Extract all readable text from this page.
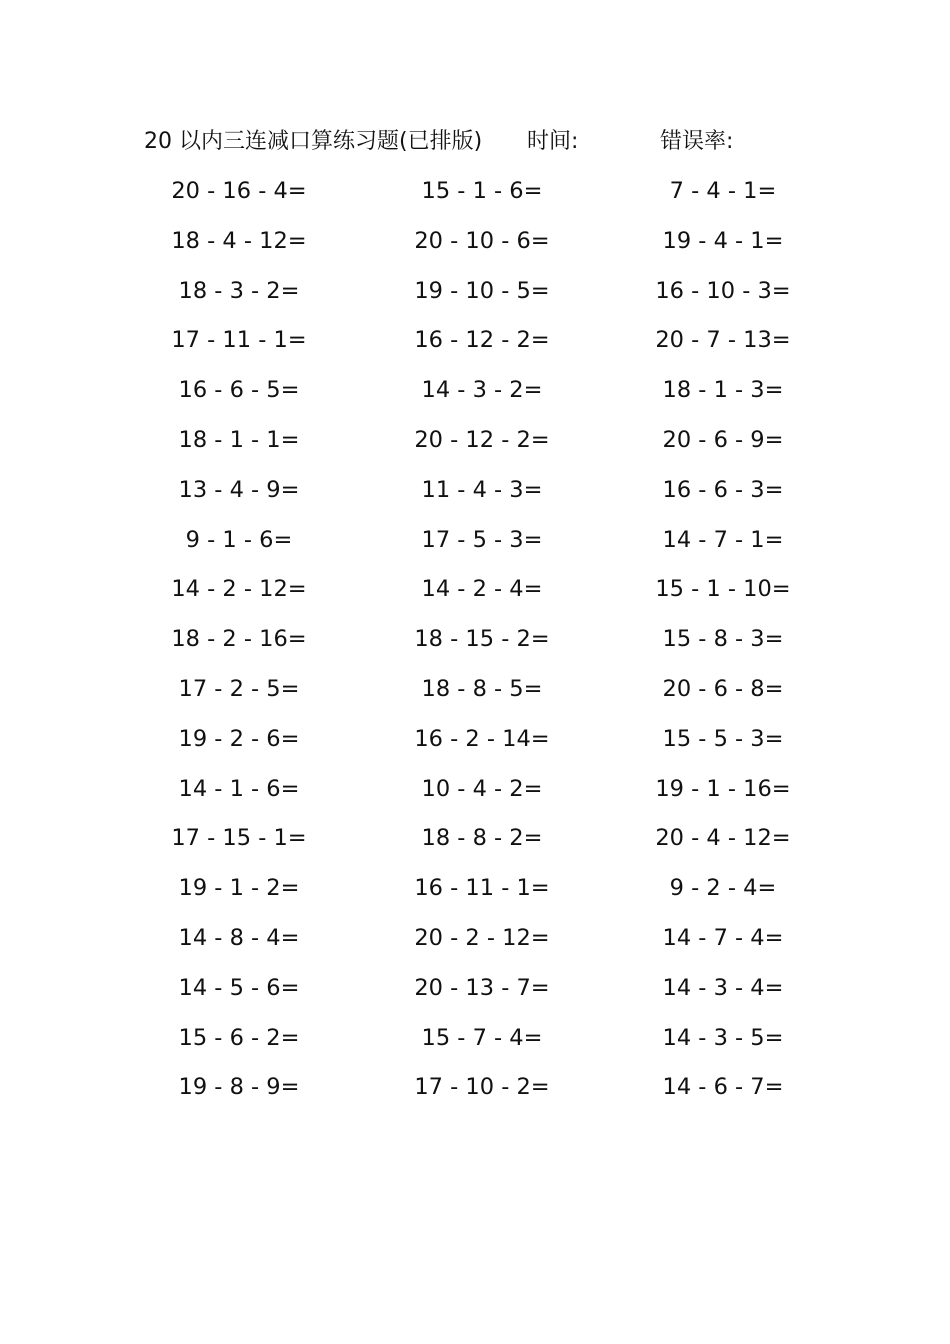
20 以内三连减口算练习题(已排版) 时间:	错误率:
20 - 16 - 4=	15 - 1 - 6=	7 - 4 - 1=
18 - 4 - 12=	20 - 10 - 6=	19 - 4 - 1=
18 - 3 - 2=	19 - 10 - 5=	16 - 10 - 3=
17 - 11 - 1=	16 - 12 - 2=	20 - 7 - 13=
16 - 6 - 5=	14 - 3 - 2=	18 - 1 - 3=
18 - 1 - 1=	20 - 12 - 2=	20 - 6 - 9=
13 - 4 - 9=	11 - 4 - 3=	16 - 6 - 3=
9 - 1 - 6=	17 - 5 - 3=	14 - 7 - 1=
14 - 2 - 12=	14 - 2 - 4=	15 - 1 - 10=
18 - 2 - 16=	18 - 15 - 2=	15 - 8 - 3=
17 - 2 - 5=	18 - 8 - 5=	20 - 6 - 8=
19 - 2 - 6=	16 - 2 - 14=	15 - 5 - 3=
14 - 1 - 6=	10 - 4 - 2=	19 - 1 - 16=
17 - 15 - 1=	18 - 8 - 2=	20 - 4 - 12=
19 - 1 - 2=	16 - 11 - 1=	9 - 2 - 4=
14 - 8 - 4=	20 - 2 - 12=	14 - 7 - 4=
14 - 5 - 6=	20 - 13 - 7=	14 - 3 - 4=
15 - 6 - 2=	15 - 7 - 4=	14 - 3 - 5=
19 - 8 - 9=	17 - 10 - 2=	14 - 6 - 7=
